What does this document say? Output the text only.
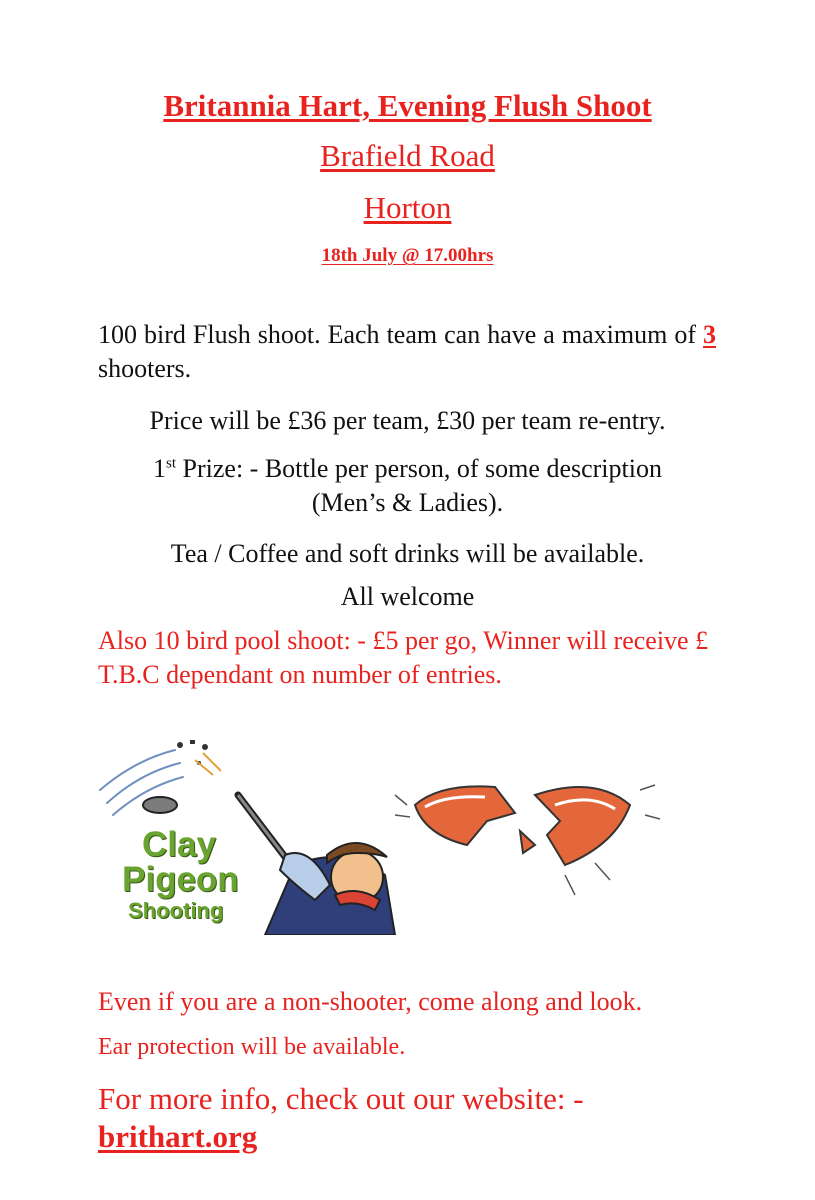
Britannia Hart, Evening Flush Shoot
Brafield Road
Horton
18th July @ 17.00hrs
100 bird Flush shoot. Each team can have a maximum of 3 shooters.
Price will be £36 per team, £30 per team re-entry.
1st Prize: - Bottle per person, of some description
(Men’s & Ladies).
Tea / Coffee and soft drinks will be available.
All welcome
Also 10 bird pool shoot: - £5 per go, Winner will receive £ T.B.C dependant on number of entries.
Clay
Pigeon
Shooting
Even if you are a non-shooter, come along and look.
Ear protection will be available.
For more info, check out our website: -
brithart.org
